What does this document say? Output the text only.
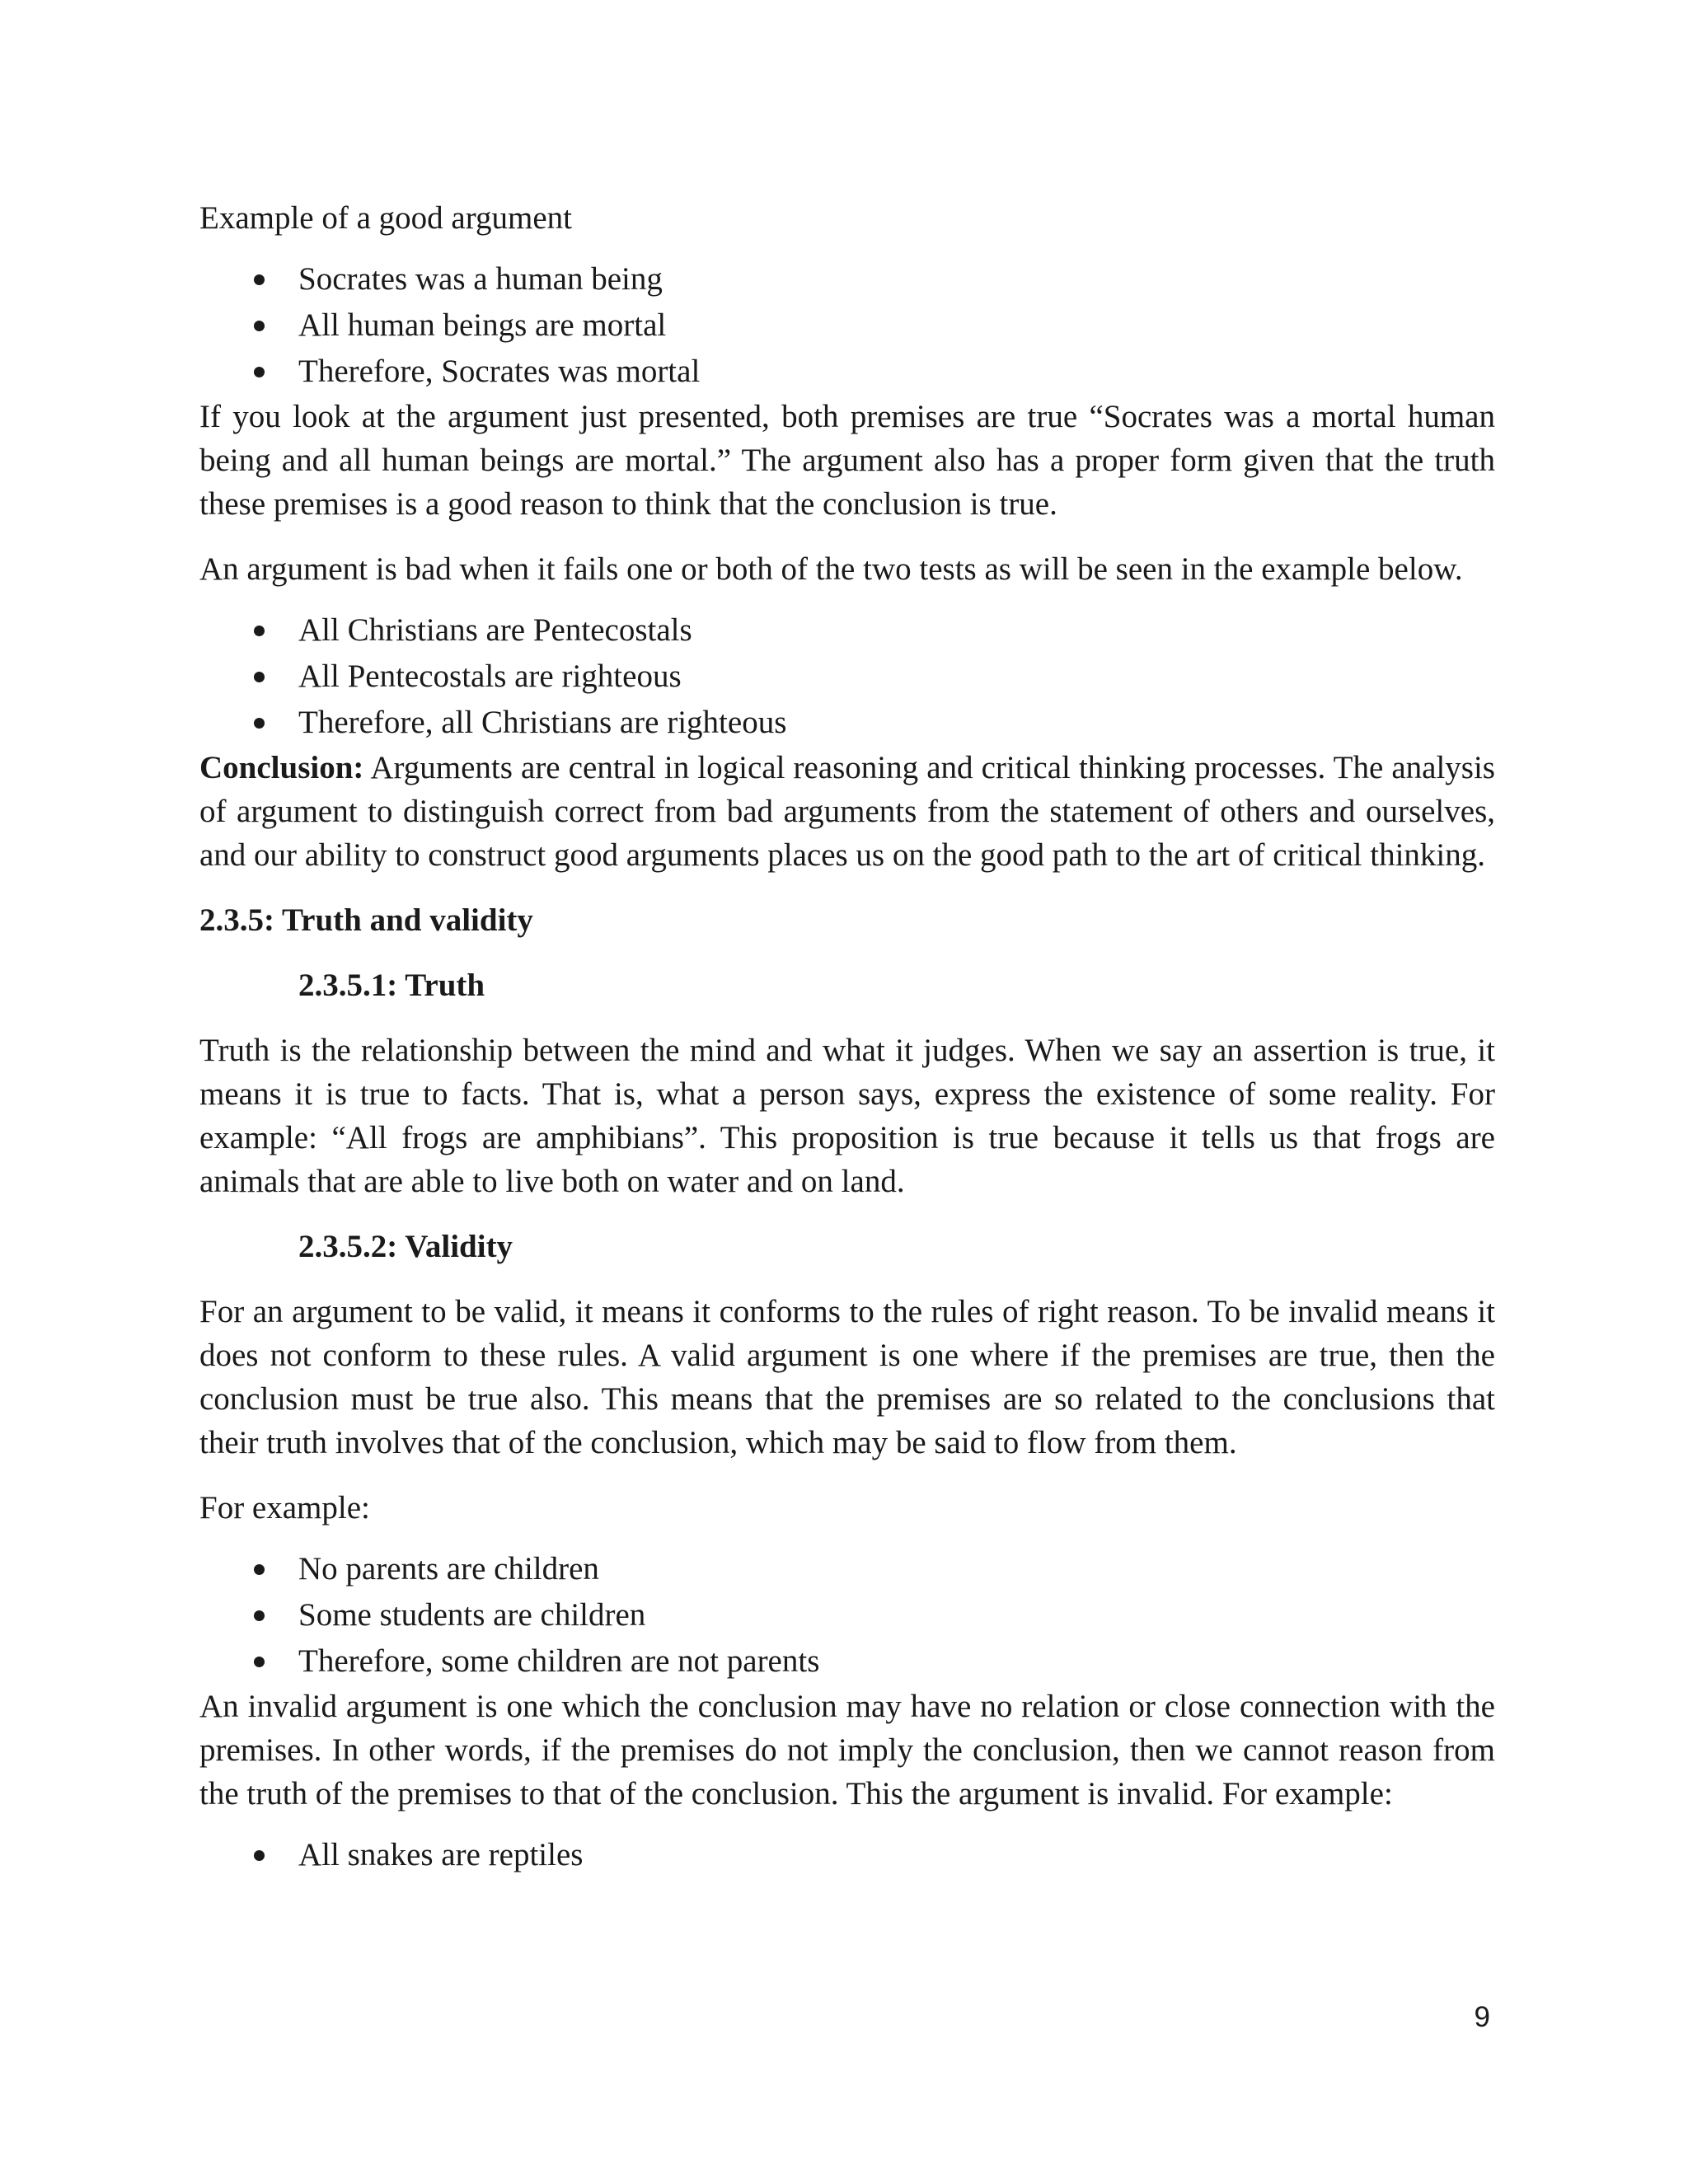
Example of a good argument

Socrates was a human being
All human beings are mortal
Therefore, Socrates was mortal

If you look at the argument just presented, both premises are true “Socrates was a mortal human being and all human beings are mortal.” The argument also has a proper form given that the truth these premises is a good reason to think that the conclusion is true.

An argument is bad when it fails one or both of the two tests as will be seen in the example below.

All Christians are Pentecostals
All Pentecostals are righteous
Therefore, all Christians are righteous

Conclusion: Arguments are central in logical reasoning and critical thinking processes. The analysis of argument to distinguish correct from bad arguments from the statement of others and ourselves, and our ability to construct good arguments places us on the good path to the art of critical thinking.

2.3.5: Truth and validity

2.3.5.1: Truth

Truth is the relationship between the mind and what it judges. When we say an assertion is true, it means it is true to facts. That is, what a person says, express the existence of some reality. For example: “All frogs are amphibians”. This proposition is true because it tells us that frogs are animals that are able to live both on water and on land.

2.3.5.2: Validity

For an argument to be valid, it means it conforms to the rules of right reason. To be invalid means it does not conform to these rules. A valid argument is one where if the premises are true, then the conclusion must be true also. This means that the premises are so related to the conclusions that their truth involves that of the conclusion, which may be said to flow from them.

For example:

No parents are children
Some students are children
Therefore, some children are not parents

An invalid argument is one which the conclusion may have no relation or close connection with the premises. In other words, if the premises do not imply the conclusion, then we cannot reason from the truth of the premises to that of the conclusion. This the argument is invalid. For example:

All snakes are reptiles
9
